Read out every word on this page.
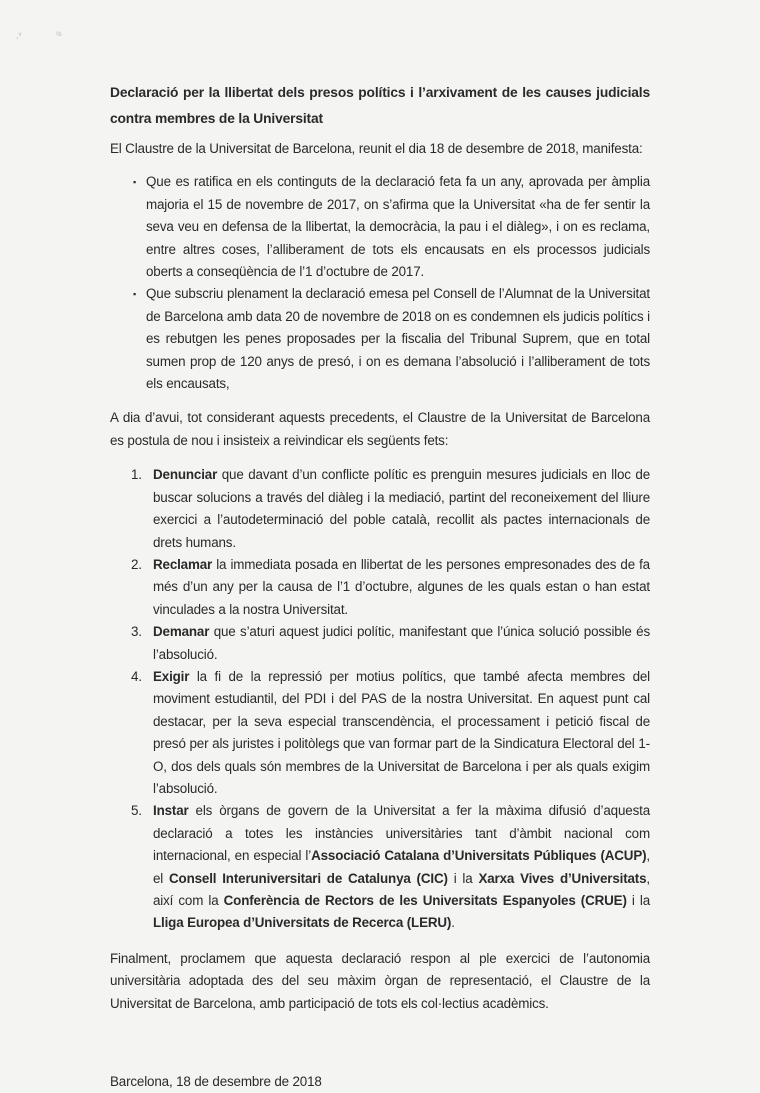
,ᵛ	⁽ᵇ

Declaració per la llibertat dels presos polítics i l’arxivament de les causes judicials contra membres de la Universitat

El Claustre de la Universitat de Barcelona, reunit el dia 18 de desembre de 2018, manifesta:

▪ Que es ratifica en els continguts de la declaració feta fa un any, aprovada per àmplia majoria el 15 de novembre de 2017, on s’afirma que la Universitat «ha de fer sentir la seva veu en defensa de la llibertat, la democràcia, la pau i el diàleg», i on es reclama, entre altres coses, l’alliberament de tots els encausats en els processos judicials oberts a conseqüència de l’1 d’octubre de 2017.
▪ Que subscriu plenament la declaració emesa pel Consell de l’Alumnat de la Universitat de Barcelona amb data 20 de novembre de 2018 on es condemnen els judicis polítics i es rebutgen les penes proposades per la fiscalia del Tribunal Suprem, que en total sumen prop de 120 anys de presó, i on es demana l’absolució i l’alliberament de tots els encausats,

A dia d’avui, tot considerant aquests precedents, el Claustre de la Universitat de Barcelona es postula de nou i insisteix a reivindicar els següents fets:

1. Denunciar que davant d’un conflicte polític es prenguin mesures judicials en lloc de buscar solucions a través del diàleg i la mediació, partint del reconeixement del lliure exercici a l’autodeterminació del poble català, recollit als pactes internacionals de drets humans.
2. Reclamar la immediata posada en llibertat de les persones empresonades des de fa més d’un any per la causa de l’1 d’octubre, algunes de les quals estan o han estat vinculades a la nostra Universitat.
3. Demanar que s’aturi aquest judici polític, manifestant que l’única solució possible és l’absolució.
4. Exigir la fi de la repressió per motius polítics, que també afecta membres del moviment estudiantil, del PDI i del PAS de la nostra Universitat. En aquest punt cal destacar, per la seva especial transcendència, el processament i petició fiscal de presó per als juristes i politòlegs que van formar part de la Sindicatura Electoral del 1-O, dos dels quals són membres de la Universitat de Barcelona i per als quals exigim l’absolució.
5. Instar els òrgans de govern de la Universitat a fer la màxima difusió d’aquesta declaració a totes les instàncies universitàries tant d’àmbit nacional com internacional, en especial l’Associació Catalana d’Universitats Públiques (ACUP), el Consell Interuniversitari de Catalunya (CIC) i la Xarxa Vives d’Universitats, així com la Conferència de Rectors de les Universitats Espanyoles (CRUE) i la Lliga Europea d’Universitats de Recerca (LERU).

Finalment, proclamem que aquesta declaració respon al ple exercici de l’autonomia universitària adoptada des del seu màxim òrgan de representació, el Claustre de la Universitat de Barcelona, amb participació de tots els col·lectius acadèmics.

Barcelona, 18 de desembre de 2018
